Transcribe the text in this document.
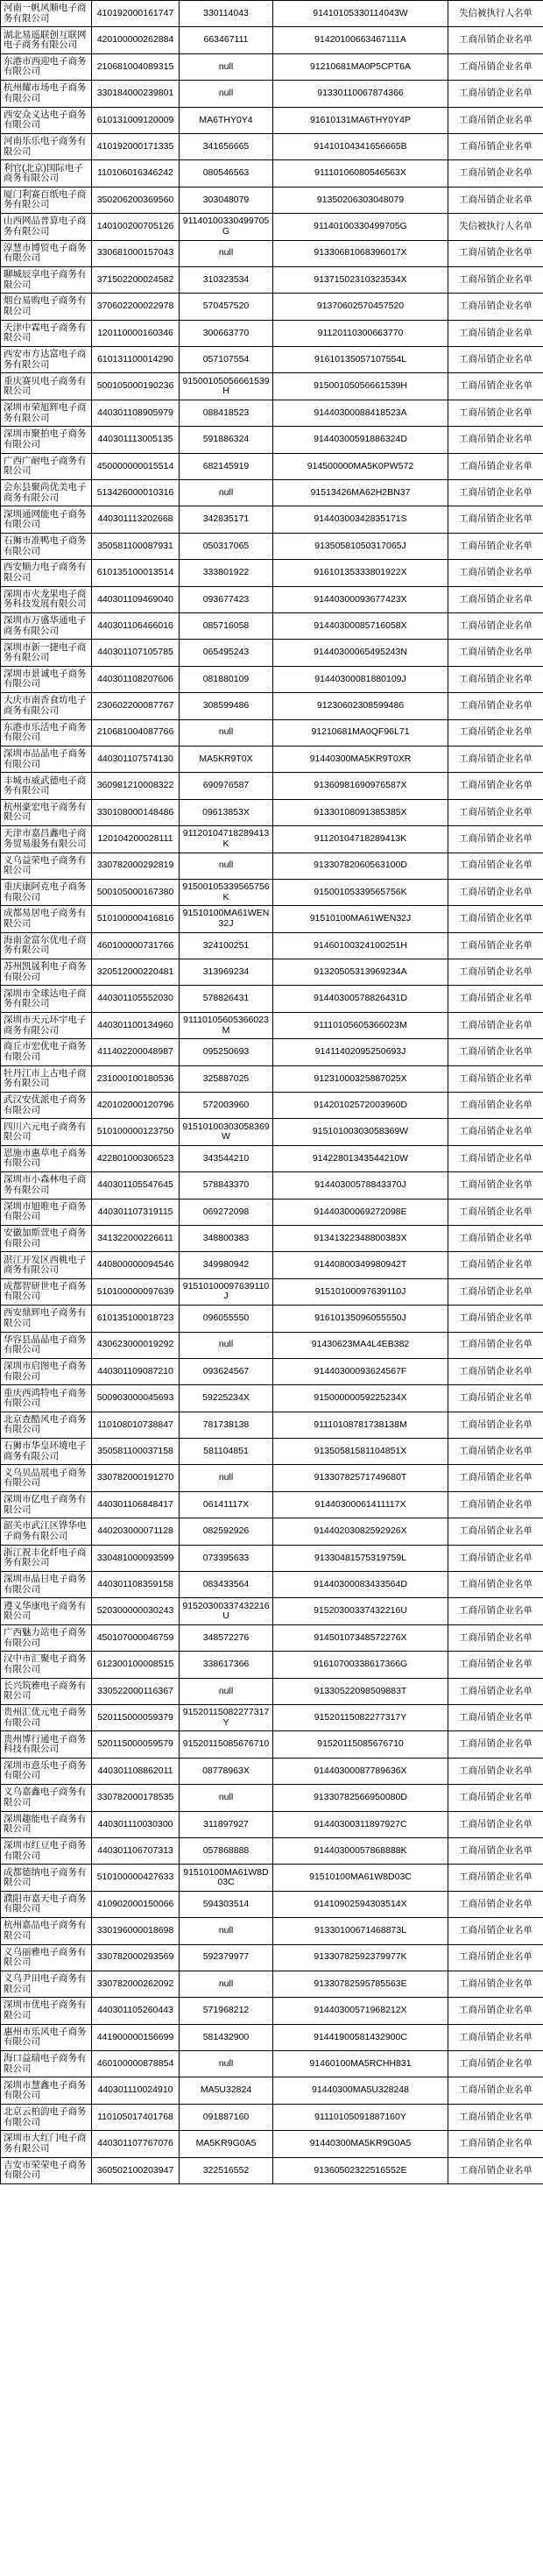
河南一帆风顺电子商务有限公司	410192000161747	330114043	91410105330114043W	失信被执行人名单
湖北易遥联创互联网电子商务有限公司	420100000262884	663467111	91420100663467111A	工商吊销企业名单
东港市西迎电子商务有限公司	210681004089315	null	91210681MA0P5CPT6A	工商吊销企业名单
杭州耀市场电子商务有限公司	330184000239801	null	91330110067874366	工商吊销企业名单
西安众义达电子商务有限公司	610131009120009	MA6THY0Y4	91610131MA6THY0Y4P	工商吊销企业名单
河南乐乐电子商务有限公司	410192000171335	341656665	91410104341656665B	工商吊销企业名单
利官(北京)国际电子商务有限公司	110106016346242	080546563	91110106080546563X	工商吊销企业名单
厦门利赛百纸电子商务有限公司	350206200369560	303048079	91350206303048079	工商吊销企业名单
山西网品普算电子商务有限公司	140100200705126	91140100330499705G	91140100330499705G	失信被执行人名单
淳慧市博贸电子商务有限公司	330681000157043	null	91330681068396017X	工商吊销企业名单
聊城辰享电子商务有限公司	371502200024582	310323534	91371502310323534X	工商吊销企业名单
烟台易购电子商务有限公司	370602200022978	570457520	91370602570457520	工商吊销企业名单
天津中霖电子商务有限公司	120110000160346	300663770	91120110300663770	工商吊销企业名单
西安市方达富电子商务有限公司	610131100014290	057107554	91610135057107554L	工商吊销企业名单
重庆赛贝电子商务有限公司	500105000190236	91500105056661539H	91500105056661539H	工商吊销企业名单
深圳市荣旭辉电子商务有限公司	440301108905979	088418523	91440300088418523A	工商吊销企业名单
深圳市聚拍电子商务有限公司	440301113005135	591886324	91440300591886324D	工商吊销企业名单
广西广耐电子商务有限公司	450000000015514	682145919	914500000MA5K0PW572	工商吊销企业名单
会东县聚尚优美电子商务有限公司	513426000010316	null	91513426MA62H2BN37	工商吊销企业名单
深圳通网能电子商务有限公司	440301113202668	342835171	91440300342835171S	工商吊销企业名单
石狮市准鸭电子商务有限公司	350581100087931	050317065	91350581050317065J	工商吊销企业名单
西安顺力电子商务有限公司	610135100013514	333801922	91610135333801922X	工商吊销企业名单
深圳市火龙果电子商务科技发展有限公司	440301109469040	093677423	91440300093677423X	工商吊销企业名单
深圳市万盛华通电子商务有限公司	440301106466016	085716058	91440300085716058X	工商吊销企业名单
深圳市新一捷电子商务有限公司	440301107105785	065495243	91440300065495243N	工商吊销企业名单
深圳市景诚电子商务有限公司	440301108207606	081880109	91440300081880109J	工商吊销企业名单
大庆市南香食坊电子商务有限公司	230602200087767	308599486	91230602308599486	工商吊销企业名单
东港市乐活电子商务有限公司	210681004087766	null	91210681MA0QF96L71	工商吊销企业名单
深圳市品晶电子商务有限公司	440301107574130	MA5KR9T0X	91440300MA5KR9T0XR	工商吊销企业名单
丰城市威武德电子商务有限公司	360981210008322	690976587	91360981690976587X	工商吊销企业名单
杭州豪宏电子商务有限公司	330108000148486	09613853X	91330108091385385X	工商吊销企业名单
天津市嘉昌鑫电子商务贸易服务有限公司	120104200028111	91120104718289413K	91120104718289413K	工商吊销企业名单
义乌益荣电子商务有限公司	330782000292819	null	91330782060563100D	工商吊销企业名单
重庆康阿克电子商务有限公司	500105000167380	91500105339565756K	91500105339565756K	工商吊销企业名单
成都易居电子商务有限公司	510100000416816	91510100MA61WEN32J	91510100MA61WEN32J	工商吊销企业名单
海南金富尔优电子商务有限公司	460100000731766	324100251	91460100324100251H	工商吊销企业名单
苏州凯晟利电子商务有限公司	320512000220481	313969234	91320505313969234A	工商吊销企业名单
深圳市全球达电子商务有限公司	440301105552030	578826431	91440300578826431D	工商吊销企业名单
深圳市天元环宇电子商务有限公司	440301100134960	91110105605366023M	91110105605366023M	工商吊销企业名单
商丘市宏优电子商务有限公司	411402200048987	095250693	91411402095250693J	工商吊销企业名单
牡丹江市上古电子商务有限公司	231000100180536	325887025	91231000325887025X	工商吊销企业名单
武汉安优派电子商务有限公司	420102000120796	572003960	91420102572003960D	工商吊销企业名单
四川六元电子商务有限公司	510100000123750	91510100303058369W	91510100303058369W	工商吊销企业名单
恩施市惠草电子商务有限公司	422801000306523	343544210	91422801343544210W	工商吊销企业名单
深圳市小森林电子商务有限公司	440301105547645	578843370	91440300578843370J	工商吊销企业名单
深圳市旭唯电子商务有限公司	440301107319115	069272098	91440300069272098E	工商吊销企业名单
安徽加斯萱电子商务有限公司	341322000226611	348800383	91341322348800383X	工商吊销企业名单
湛江开发区西桃电子商务有限公司	440800000094546	349980942	91440800349980942T	工商吊销企业名单
成都智研世电子商务有限公司	510100000097639	91510100097639110J	91510100097639110J	工商吊销企业名单
西安鼎辉电子商务有限公司	610135100018723	096055550	91610135096055550J	工商吊销企业名单
华容县晶晶电子商务有限公司	430623000019292	null	91430623MA4L4EB382	工商吊销企业名单
深圳市启图电子商务有限公司	440301109087210	093624567	91440300093624567F	工商吊销企业名单
重庆西鸿特电子商务有限公司	500903000045693	59225234X	91500000059225234X	工商吊销企业名单
北京查酷风电子商务有限公司	110108010738847	781738138	91110108781738138M	工商吊销企业名单
石狮市华皇环境电子商务有限公司	350581100037158	581104851	91350581581104851X	工商吊销企业名单
义乌贝品展电子商务有限公司	330782000191270	null	91330782571749680T	工商吊销企业名单
深圳市亿电子商务有限公司	440301106848417	06141117X	91440300061411117X	工商吊销企业名单
韶关市武江区铧华电子商务有限公司	440203000071128	082592926	91440203082592926X	工商吊销企业名单
浙江祝丰化纤电子商务有限公司	330481000093599	073395633	91330481575319759L	工商吊销企业名单
深圳市晶日电子商务有限公司	440301108359158	083433564	91440300083433564D	工商吊销企业名单
遵义华康电子商务有限公司	520300000030243	91520300337432216U	91520300337432216U	工商吊销企业名单
广西魅力站电子商务有限公司	450107000046759	348572276	91450107348572276X	工商吊销企业名单
汉中市汇聚电子商务有限公司	612300100008515	338617366	91610700338617366G	工商吊销企业名单
长兴筑雅电子商务有限公司	330522000116367	null	91330522098509883T	工商吊销企业名单
贵州汇优元电子商务有限公司	520115000059379	91520115082277317Y	91520115082277317Y	工商吊销企业名单
贵州博行通电子商务科技有限公司	520115000059579	91520115085676710	91520115085676710	工商吊销企业名单
深圳市意乐电子商务有限公司	440301108862011	08778963X	91440300087789636X	工商吊销企业名单
义乌嘉鑫电子商务有限公司	330782000178535	null	91330782566950080D	工商吊销企业名单
深圳趣能电子商务有限公司	440301110030300	311897927	91440300311897927C	工商吊销企业名单
深圳市红豆电子商务有限公司	440301106707313	057868888	91440300057868888K	工商吊销企业名单
成都德纳电子商务有限公司	510100000427633	91510100MA61W8D03C	91510100MA61W8D03C	工商吊销企业名单
濮阳市嘉天电子商务有限公司	410902000150066	594303514	91410902594303514X	工商吊销企业名单
杭州嘉品电子商务有限公司	330196000018698	null	91330100671468873L	工商吊销企业名单
义乌丽雅电子商务有限公司	330782000293569	592379977	91330782592379977K	工商吊销企业名单
义乌尹田电子商务有限公司	330782000262092	null	91330782595785563E	工商吊销企业名单
深圳市优电子商务有限公司	440301105260443	571968212	91440300571968212X	工商吊销企业名单
惠州市乐风电子商务有限公司	441900000156699	581432900	91441900581432900C	工商吊销企业名单
海口益瑞电子商务有限公司	460100000878854	null	91460100MA5RCHH831	工商吊销企业名单
深圳市慧鑫电子商务有限公司	440301110024910	MA5U32824	91440300MA5U328248	工商吊销企业名单
北京云柏韵电子商务有限公司	110105017401768	091887160	91110105091887160Y	工商吊销企业名单
深圳市大红门电子商务有限公司	440301107767076	MA5KR9G0A5	91440300MA5KR9G0A5	工商吊销企业名单
吉安市荣荣电子商务有限公司	360502100203947	322516552	91360502322516552E	工商吊销企业名单
